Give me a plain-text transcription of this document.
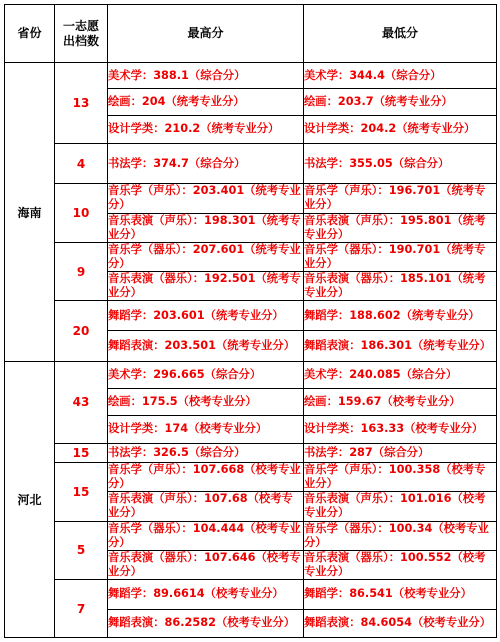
省份	一志愿出档数	最高分	最低分
海南	13	美术学：388.1（综合分）	美术学：344.4（综合分）
		绘画：204（统考专业分）	绘画：203.7（统考专业分）
		设计学类：210.2（统考专业分）	设计学类：204.2（统考专业分）
	4	书法学：374.7（综合分）	书法学：355.05（综合分）
	10	音乐学（声乐）：203.401（统考专业分）	音乐学（声乐）：196.701（统考专业分）
		音乐表演（声乐）：198.301（统考专业分）	音乐表演（声乐）：195.801（统考专业分）
	9	音乐学（器乐）：207.601（统考专业分）	音乐学（器乐）：190.701（统考专业分）
		音乐表演（器乐）：192.501（统考专业分）	音乐表演（器乐）：185.101（统考专业分）
	20	舞蹈学：203.601（统考专业分）	舞蹈学：188.602（统考专业分）
		舞蹈表演：203.501（统考专业分）	舞蹈表演：186.301（统考专业分）
河北	43	美术学：296.665（综合分）	美术学：240.085（综合分）
		绘画：175.5（校考专业分）	绘画：159.67（校考专业分）
		设计学类：174（校考专业分）	设计学类：163.33（校考专业分）
	15	书法学：326.5（综合分）	书法学：287（综合分）
	15	音乐学（声乐）：107.668（校考专业分）	音乐学（声乐）：100.358（校考专业分）
		音乐表演（声乐）：107.68（校考专业分）	音乐表演（声乐）：101.016（校考专业分）
	5	音乐学（器乐）：104.444（校考专业分）	音乐学（器乐）：100.34（校考专业分）
		音乐表演（器乐）：107.646（校考专业分）	音乐表演（器乐）：100.552（校考专业分）
	7	舞蹈学：89.6614（校考专业分）	舞蹈学：86.541（校考专业分）
		舞蹈表演：86.2582（校考专业分）	舞蹈表演：84.6054（校考专业分）
